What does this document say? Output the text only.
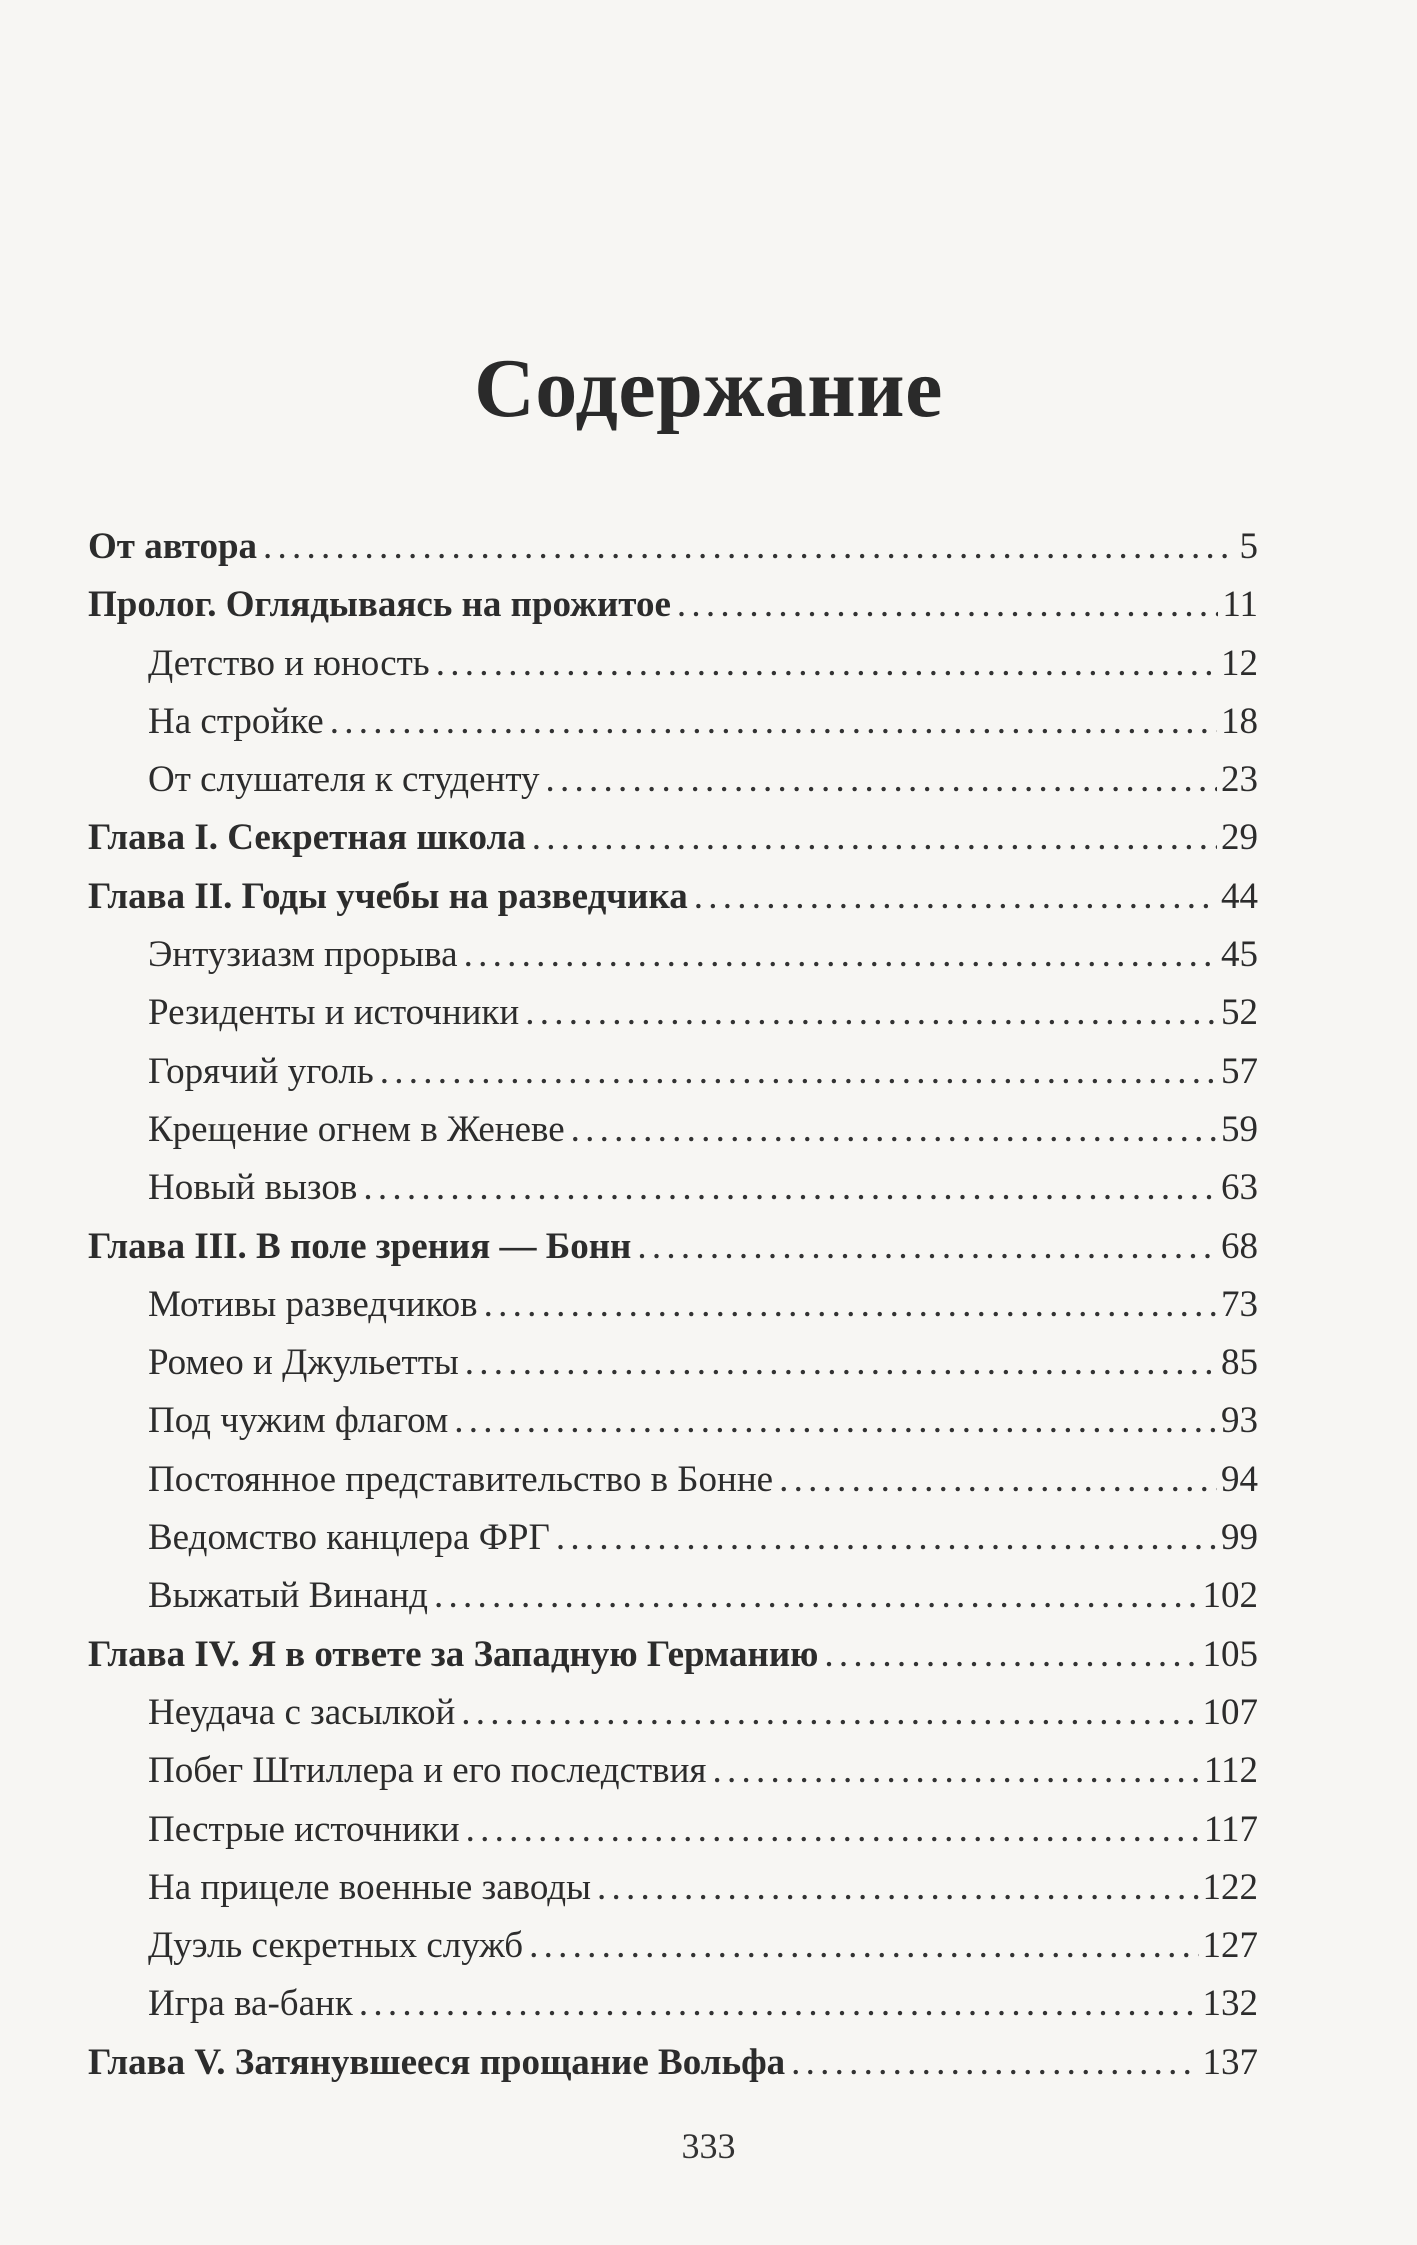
Содержание
От автора . . .	5
Пролог. Оглядываясь на прожитое . . .	11
Детство и юность . . .	12
На стройке . . .	18
От слушателя к студенту . . .	23
Глава I. Секретная школа . . .	29
Глава II. Годы учебы на разведчика . . .	44
Энтузиазм прорыва . . .	45
Резиденты и источники . . .	52
Горячий уголь . . .	57
Крещение огнем в Женеве . . .	59
Новый вызов . . .	63
Глава III. В поле зрения — Бонн . . .	68
Мотивы разведчиков . . .	73
Ромео и Джульетты . . .	85
Под чужим флагом . . .	93
Постоянное представительство в Бонне . . .	94
Ведомство канцлера ФРГ . . .	99
Выжатый Винанд . . .	102
Глава IV. Я в ответе за Западную Германию . . .	105
Неудача с засылкой . . .	107
Побег Штиллера и его последствия . . .	112
Пестрые источники . . .	117
На прицеле военные заводы . . .	122
Дуэль секретных служб . . .	127
Игра ва-банк . . .	132
Глава V. Затянувшееся прощание Вольфа . . .	137
333
